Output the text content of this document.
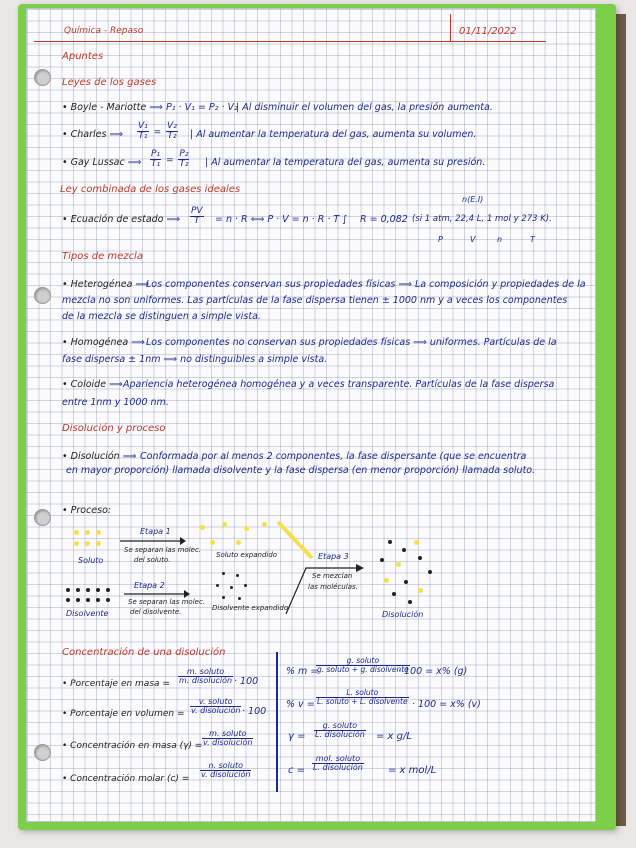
Química - Repaso	01/11/2022
Apuntes
Leyes de los gases
• Boyle - Mariotte ⟹ P₁ · V₁ = P₂ · V₂
| Al disminuir el volumen del gas, la presión aumenta.
• Charles ⟹ $\frac{\text{V₁}}{\text{T₁}} = \frac{\text{V₂}}{\text{T₂}}$ | Al aumentar la temperatura del gas, aumenta su volumen.
• Gay Lussac ⟹ $\frac{\text{P₁}}{\text{T₁}} = \frac{\text{P₂}}{\text{T₂}}$ | Al aumentar la temperatura del gas, aumenta su presión.
Ley combinada de los gases ideales
• Ecuación de estado ⟹ $\frac{PV}{T} = n \cdot R$ ⟺ P · V = n · R · T ∫ R = 0,082 (si 1 atm, 22,4 L, 1 mol y 273 K).
n(E.I)
P	V	n	T
Tipos de mezcla
• Heterogénea ⟹
Los componentes conservan sus propiedades físicas ⟹ La composición y propiedades de la
mezcla no son uniformes. Las partículas de la fase dispersa tienen ± 1000 nm y a veces los componentes
de la mezcla se distinguen a simple vista.
• Homogénea ⟹ Los componentes no conservan sus propiedades físicas ⟹ uniformes. Partículas de la
fase dispersa ± 1nm ⟹ no distinguibles a simple vista.
• Coloide ⟹ Apariencia heterogénea homogénea y a veces transparente. Partículas de la fase dispersa
entre 1nm y 1000 nm.
Disolución y proceso
• Disolución ⟹ Conformada por al menos 2 componentes, la fase dispersante (que se encuentra
en mayor proporción) llamada disolvente y la fase dispersa (en menor proporción) llamada soluto.
• Proceso:
Soluto
Etapa 1
Se separan las molec.
del soluto.
Soluto expandido	Etapa 3
Se mezclan
las moléculas.
Disolvente
Etapa 2
Se separan las molec.
del disolvente.	Disolvente expandido
Disolución
Concentración de una disolución
• Porcentaje en masa = $\frac{\text{m. soluto}}{\text{m. disolución}} \cdot 100$
• Porcentaje en volumen = $\frac{\text{v. soluto}}{\text{v. disolución}} \cdot 100$
• Concentración en masa $(\gamma) = \frac{\text{m. soluto}}{\text{v. disolución}}$
• Concentración molar $(c) = \frac{\text{n. soluto}}{\text{v. disolución}}$
% m =
$\frac{\text{g. soluto}}{\text{g. soluto + g. disolvente}}$
· 100 = x% (g)
% $v = \frac{\text{L. soluto}}{\text{L. soluto + L. disolvente}} \cdot 100 = x\%$ (v)
$\gamma = \frac{\text{g. soluto}}{\text{L. disolución}} = x$ g/L
$c = \frac{\text{mol. soluto}}{\text{L. disolución}} = x$ mol/L
